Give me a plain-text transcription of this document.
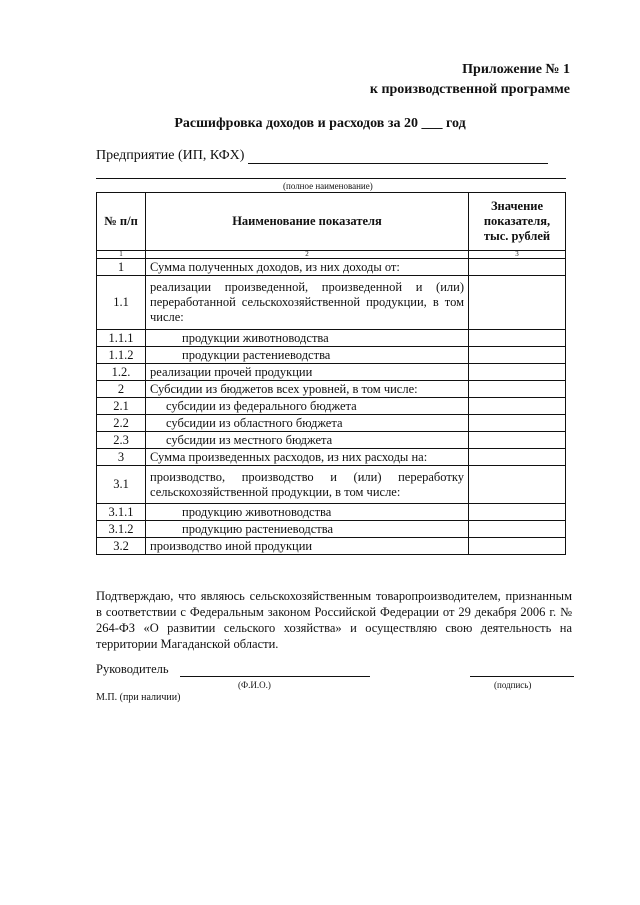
Приложение № 1
к производственной программе
Расшифровка доходов и расходов за 20 ___ год
Предприятие (ИП, КФХ)
(полное наименование)
№ п/п	Наименование показателя	Значение показателя, тыс. рублей
1	2	3
1	Сумма полученных доходов, из них доходы от:	
1.1	реализации произведенной, произведенной и (или) переработанной сельскохозяйственной продукции, в том числе:	
1.1.1	продукции животноводства	
1.1.2	продукции растениеводства	
1.2.	реализации прочей продукции	
2	Субсидии из бюджетов всех уровней, в том числе:	
2.1	субсидии из федерального бюджета	
2.2	субсидии из областного бюджета	
2.3	субсидии из местного бюджета	
3	Сумма произведенных расходов, из них расходы на:	
3.1	производство, производство и (или) переработку сельскохозяйственной продукции, в том числе:	
3.1.1	продукцию животноводства	
3.1.2	продукцию растениеводства	
3.2	производство иной продукции	
Подтверждаю, что являюсь сельскохозяйственным товаропроизводителем, признанным в соответствии с Федеральным законом Российской Федерации от 29 декабря 2006 г. № 264-ФЗ «О развитии сельского хозяйства» и осуществляю свою деятельность на территории Магаданской области.
Руководитель
(Ф.И.О.)	(подпись)
М.П. (при наличии)
